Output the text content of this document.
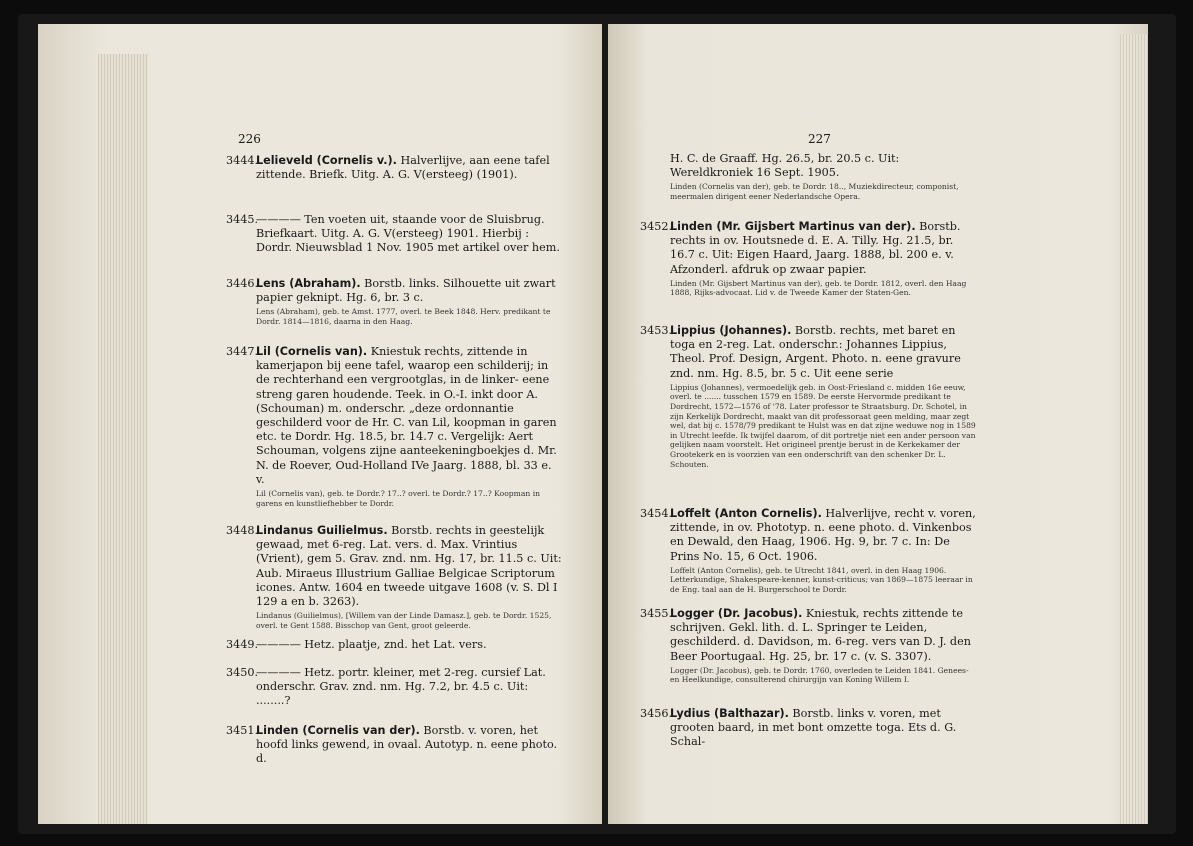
226
3444.
Lelieveld (Cornelis v.). Halverlijve, aan eene tafel zittende. Briefk. Uitg. A. G. V(ersteeg) (1901).
3445.
———— Ten voeten uit, staande voor de Sluisbrug. Briefkaart. Uitg. A. G. V(ersteeg) 1901. Hierbij : Dordr. Nieuwsblad 1 Nov. 1905 met artikel over hem.
3446.
Lens (Abraham). Borstb. links. Silhouette uit zwart papier geknipt. Hg. 6, br. 3 c.
Lens (Abraham), geb. te Amst. 1777, overl. te Beek 1848. Herv. predikant te Dordr. 1814—1816, daarna in den Haag.
3447.
Lil (Cornelis van). Kniestuk rechts, zittende in kamerjapon bij eene tafel, waarop een schilderij; in de rechterhand een vergrootglas, in de linker- eene streng garen houdende. Teek. in O.-I. inkt door A. (Schouman) m. onderschr. „deze ordonnantie geschilderd voor de Hr. C. van Lil, koopman in garen etc. te Dordr. Hg. 18.5, br. 14.7 c. Vergelijk: Aert Schouman, volgens zijne aanteekeningboekjes d. Mr. N. de Roever, Oud-Holland IVe Jaarg. 1888, bl. 33 e. v.
Lil (Cornelis van), geb. te Dordr.? 17..? overl. te Dordr.? 17..? Koopman in garens en kunstliefhebber te Dordr.
3448.
Lindanus Guilielmus. Borstb. rechts in geestelijk gewaad, met 6-reg. Lat. vers. d. Max. Vrintius (Vrient), gem 5. Grav. znd. nm. Hg. 17, br. 11.5 c. Uit: Aub. Miraeus Illustrium Galliae Belgicae Scriptorum icones. Antw. 1604 en tweede uitgave 1608 (v. S. Dl I 129 a en b. 3263).
Lindanus (Guilielmus), [Willem van der Linde Damasz.], geb. te Dordr. 1525, overl. te Gent 1588. Bisschop van Gent, groot geleerde.
3449.
———— Hetz. plaatje, znd. het Lat. vers.
3450.
———— Hetz. portr. kleiner, met 2-reg. cursief Lat. onderschr. Grav. znd. nm. Hg. 7.2, br. 4.5 c. Uit: ........?
3451.
Linden (Cornelis van der). Borstb. v. voren, het hoofd links gewend, in ovaal. Autotyp. n. eene photo. d.
227
H. C. de Graaff. Hg. 26.5, br. 20.5 c. Uit: Wereldkroniek 16 Sept. 1905.
Linden (Cornelis van der), geb. te Dordr. 18.., Muziekdirecteur, componist, meermalen dirigent eener Nederlandsche Opera.
3452.
Linden (Mr. Gijsbert Martinus van der). Borstb. rechts in ov. Houtsnede d. E. A. Tilly. Hg. 21.5, br. 16.7 c. Uit: Eigen Haard, Jaarg. 1888, bl. 200 e. v. Afzonderl. afdruk op zwaar papier.
Linden (Mr. Gijsbert Martinus van der), geb. te Dordr. 1812, overl. den Haag 1888, Rijks-advocaat. Lid v. de Tweede Kamer der Staten-Gen.
3453.
Lippius (Johannes). Borstb. rechts, met baret en toga en 2-reg. Lat. onderschr.: Johannes Lippius, Theol. Prof. Design, Argent. Photo. n. eene gravure znd. nm. Hg. 8.5, br. 5 c. Uit eene serie
Lippius (Johannes), vermoedelijk geb. in Oost-Friesland c. midden 16e eeuw, overl. te ....... tusschen 1579 en 1589. De eerste Hervormde predikant te Dordrecht, 1572—1576 of '78. Later professor te Straatsburg. Dr. Schotel, in zijn Kerkelijk Dordrecht, maakt van dit professoraat geen melding, maar zegt wel, dat bij c. 1578/79 predikant te Hulst was en dat zijne weduwe nog in 1589 in Utrecht leefde. Ik twijfel daarom, of dit portretje niet een ander persoon van gelijken naam voorstelt. Het origineel prentje berust in de Kerkekamer der Grootekerk en is voorzien van een onderschrift van den schenker Dr. L. Schouten.
3454.
Loffelt (Anton Cornelis). Halverlijve, recht v. voren, zittende, in ov. Phototyp. n. eene photo. d. Vinkenbos en Dewald, den Haag, 1906. Hg. 9, br. 7 c. In: De Prins No. 15, 6 Oct. 1906.
Loffelt (Anton Cornelis), geb. te Utrecht 1841, overl. in den Haag 1906. Letterkundige, Shakespeare-kenner, kunst-criticus; van 1869—1875 leeraar in de Eng. taal aan de H. Burgerschool te Dordr.
3455.
Logger (Dr. Jacobus). Kniestuk, rechts zittende te schrijven. Gekl. lith. d. L. Springer te Leiden, geschilderd. d. Davidson, m. 6-reg. vers van D. J. den Beer Poortugaal. Hg. 25, br. 17 c. (v. S. 3307).
Logger (Dr. Jacobus), geb. te Dordr. 1760, overleden te Leiden 1841. Genees- en Heelkundige, consulterend chirurgijn van Koning Willem I.
3456.
Lydius (Balthazar). Borstb. links v. voren, met grooten baard, in met bont omzette toga. Ets d. G. Schal-
